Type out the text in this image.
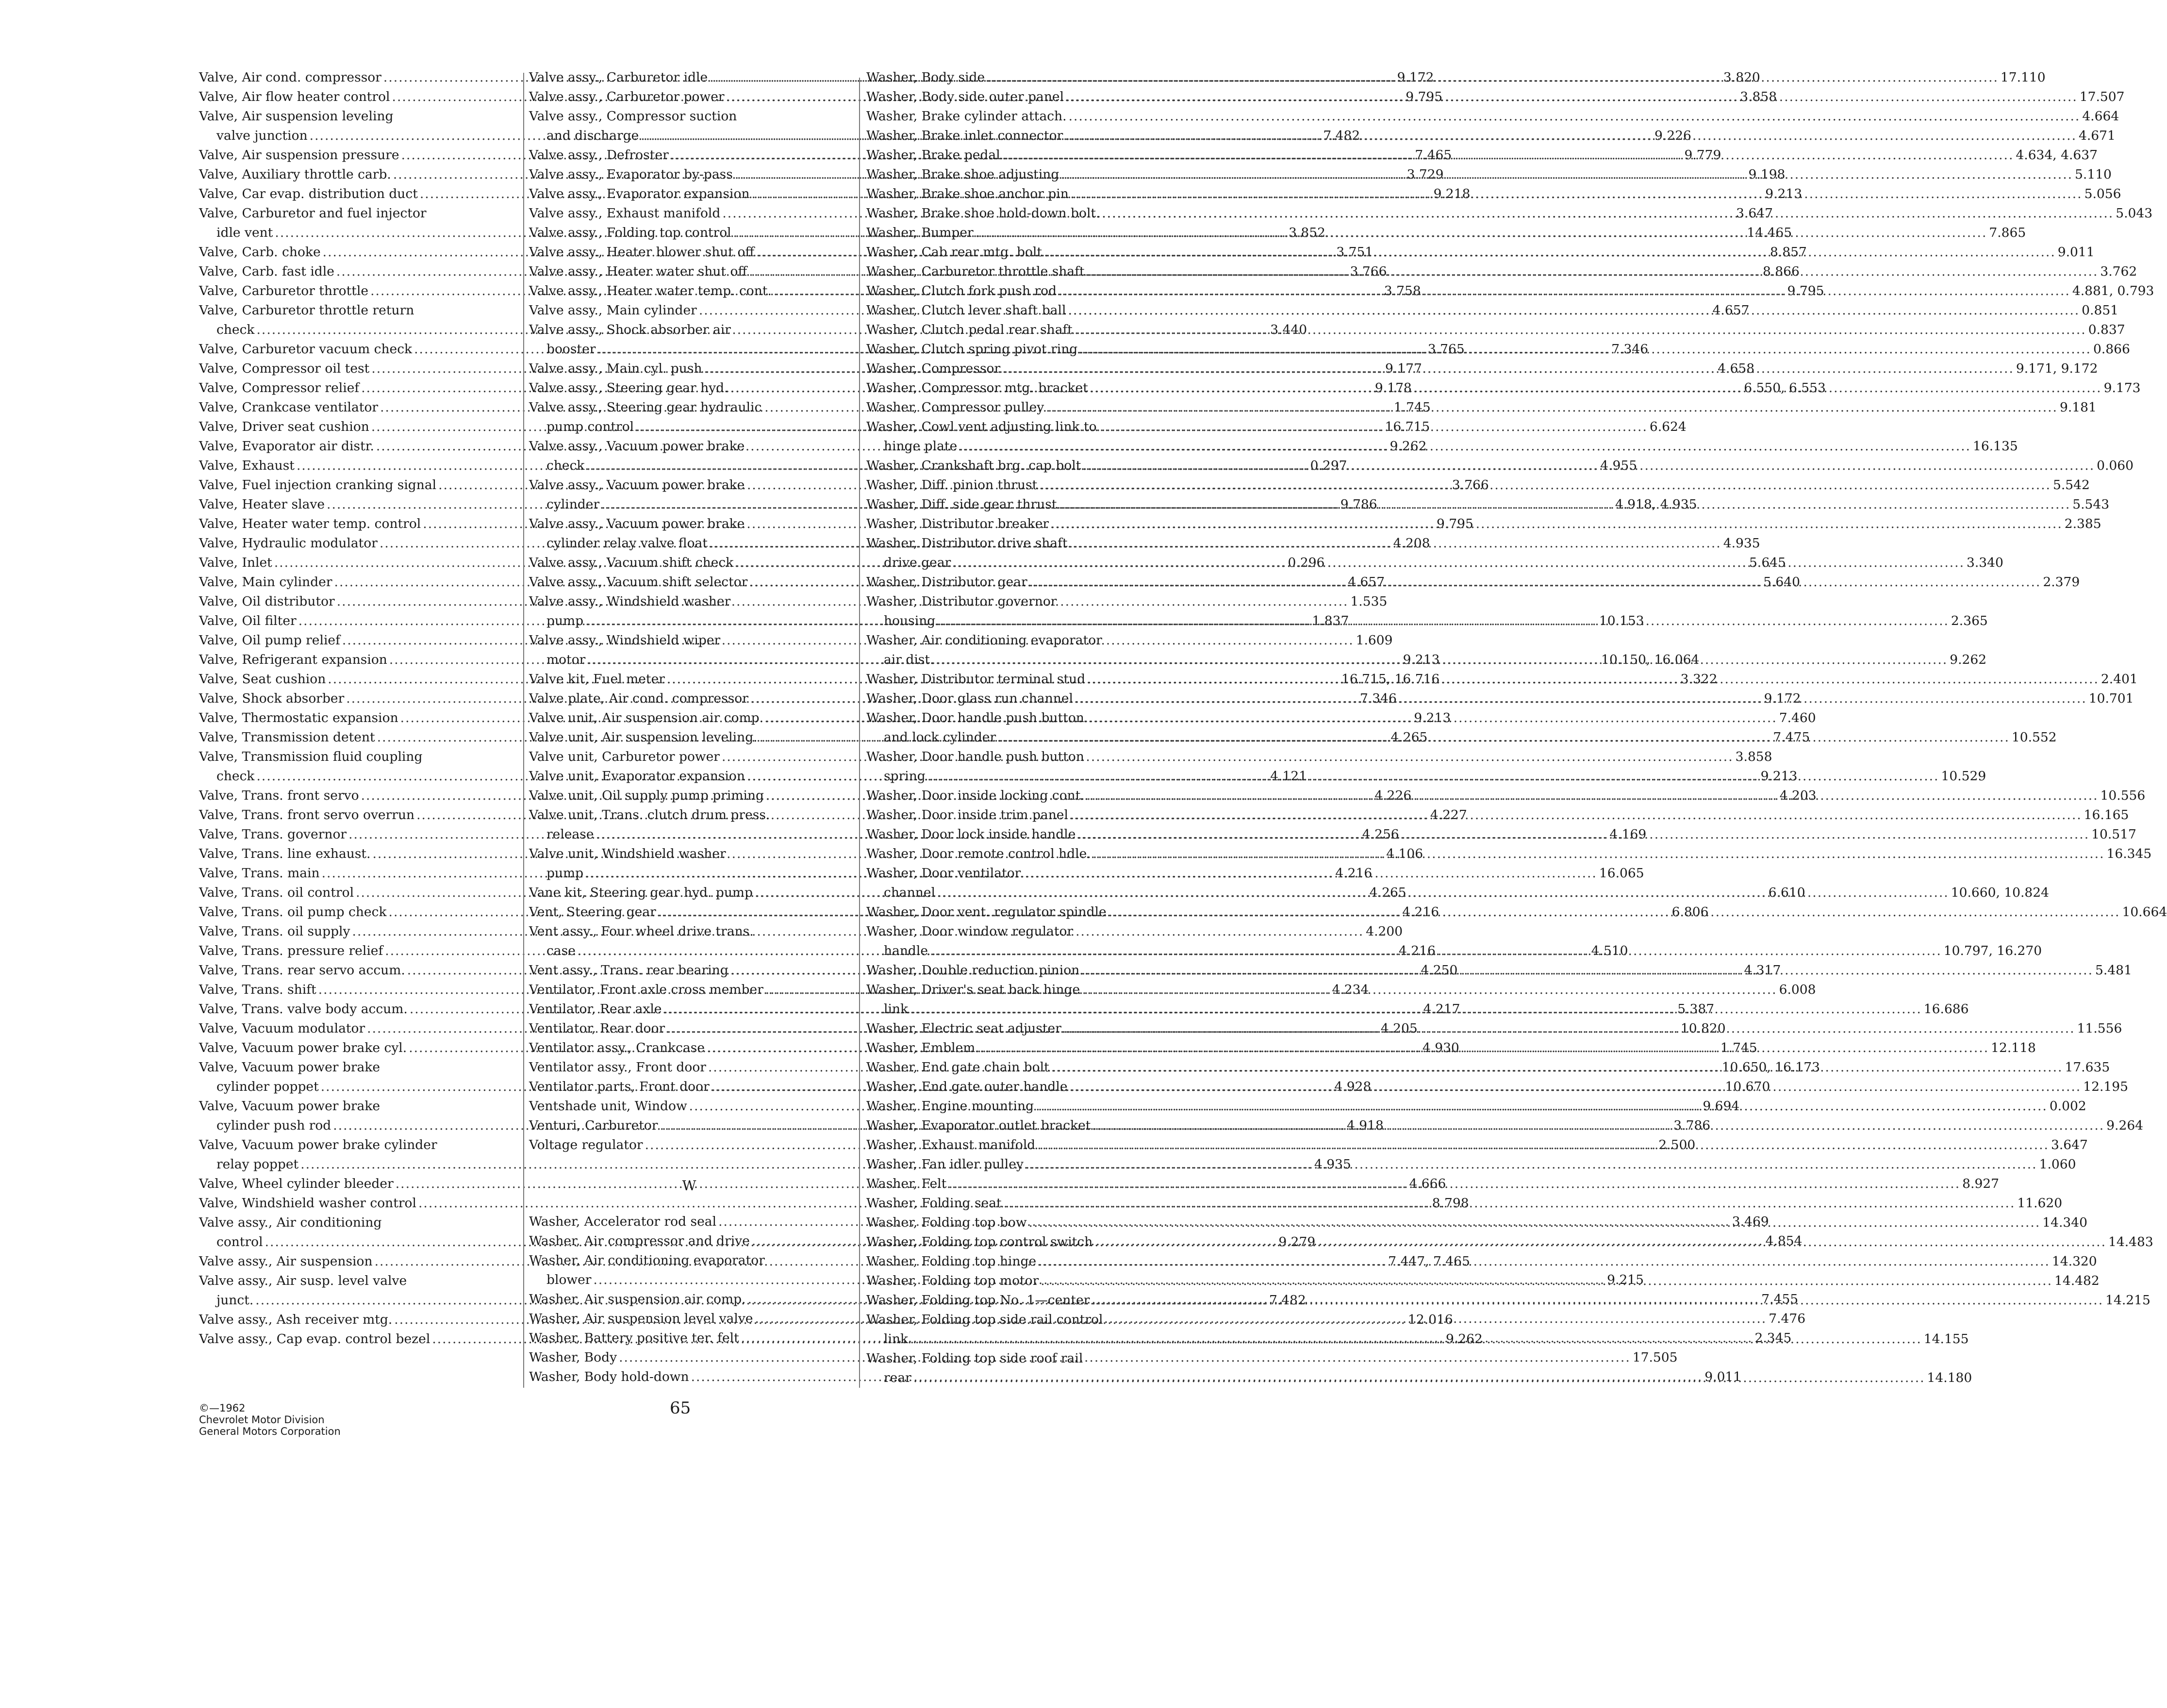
Valve, Air cond. compressor .....	9.172
Valve, Air flow heater control .....	9.795
Valve, Air suspension leveling
valve junction .....	7.482
Valve, Air suspension pressure .....	7.465
Valve, Auxiliary throttle carb. .....	3.729
Valve, Car evap. distribution duct .....	9.218
Valve, Carburetor and fuel injector
idle vent .....	3.852
Valve, Carb. choke .....	3.751
Valve, Carb. fast idle .....	3.766
Valve, Carburetor throttle .....	3.758
Valve, Carburetor throttle return
check .....	3.440
Valve, Carburetor vacuum check .....	3.765
Valve, Compressor oil test .....	9.177
Valve, Compressor relief .....	9.178
Valve, Crankcase ventilator .....	1.745
Valve, Driver seat cushion .....	16.715
Valve, Evaporator air distr. .....	9.262
Valve, Exhaust .....	0.297
Valve, Fuel injection cranking signal .....	3.766
Valve, Heater slave .....	9.786
Valve, Heater water temp. control .....	9.795
Valve, Hydraulic modulator .....	4.208
Valve, Inlet .....	0.296
Valve, Main cylinder .....	4.657
Valve, Oil distributor .....	1.535
Valve, Oil filter .....	1.837
Valve, Oil pump relief .....	1.609
Valve, Refrigerant expansion .....	9.213
Valve, Seat cushion .....	16.715, 16.716
Valve, Shock absorber .....	7.346
Valve, Thermostatic expansion .....	9.213
Valve, Transmission detent .....	4.265
Valve, Transmission fluid coupling
check .....	4.121
Valve, Trans. front servo .....	4.226
Valve, Trans. front servo overrun .....	4.227
Valve, Trans. governor .....	4.256
Valve, Trans. line exhaust. .....	4.106
Valve, Trans. main .....	4.216
Valve, Trans. oil control .....	4.265
Valve, Trans. oil pump check .....	4.216
Valve, Trans. oil supply .....	4.200
Valve, Trans. pressure relief .....	4.216
Valve, Trans. rear servo accum. .....	4.250
Valve, Trans. shift .....	4.234
Valve, Trans. valve body accum. .....	4.217
Valve, Vacuum modulator .....	4.205
Valve, Vacuum power brake cyl. .....	4.930
Valve, Vacuum power brake
cylinder poppet .....	4.928
Valve, Vacuum power brake
cylinder push rod .....	4.918
Valve, Vacuum power brake cylinder
relay poppet .....	4.935
Valve, Wheel cylinder bleeder .....	4.666
Valve, Windshield washer control .....	8.798
Valve assy., Air conditioning
control .....	9.279
Valve assy., Air suspension .....	7.447, 7.465
Valve assy., Air susp. level valve
junct. .....	7.482
Valve assy., Ash receiver mtg. .....	12.016
Valve assy., Cap evap. control bezel .....	9.262
Valve assy., Carburetor idle .....	3.820
Valve assy., Carburetor power .....	3.858
Valve assy., Compressor suction
and discharge .....	9.226
Valve assy., Defroster .....	9.779
Valve assy., Evaporator by-pass .....	9.198
Valve assy., Evaporator expansion .....	9.213
Valve assy., Exhaust manifold .....	3.647
Valve assy., Folding top control .....	14.465
Valve assy., Heater blower shut off .....	8.857
Valve assy., Heater water shut off .....	8.866
Valve assy., Heater water temp. cont. .....	9.795
Valve assy., Main cylinder .....	4.657
Valve assy., Shock absorber air
booster .....	7.346
Valve assy., Main cyl. push .....	4.658
Valve assy., Steering gear hyd. .....	6.550, 6.553
Valve assy., Steering gear hydraulic
pump control .....	6.624
Valve assy., Vacuum power brake
check .....	4.955
Valve assy., Vacuum power brake
cylinder .....	4.918, 4.935
Valve assy., Vacuum power brake
cylinder relay valve float .....	4.935
Valve assy., Vacuum shift check .....	5.645
Valve assy., Vacuum shift selector .....	5.640
Valve assy., Windshield washer
pump .....	10.153
Valve assy., Windshield wiper
motor .....	10.150, 16.064
Valve kit, Fuel meter .....	3.322
Valve plate, Air cond. compressor .....	9.172
Valve unit, Air suspension air comp. .....	7.460
Valve unit, Air suspension leveling. .....	7.475
Valve unit, Carburetor power .....	3.858
Valve unit, Evaporator expansion .....	9.213
Valve unit, Oil supply pump priming .....	4.203
Valve unit, Trans. clutch drum press.
release .....	4.169
Valve unit, Windshield washer
pump .....	16.065
Vane kit, Steering gear hyd. pump .....	6.610
Vent, Steering gear .....	6.806
Vent assy., Four wheel drive trans.
case .....	4.510
Vent assy., Trans. rear bearing .....	4.317
Ventilator, Front axle cross member .....	6.008
Ventilator, Rear axle .....	5.387
Ventilator, Rear door .....	10.820
Ventilator assy., Crankcase .....	1.745
Ventilator assy., Front door .....	10.650, 16.173
Ventilator parts, Front door .....	10.670
Ventshade unit, Window .....	9.694
Venturi, Carburetor .....	3.786
Voltage regulator .....	2.500
W
Washer, Accelerator rod seal .....	3.469
Washer, Air compressor and drive .....	4.854
Washer, Air conditioning evaporator
blower .....	9.215
Washer, Air suspension air comp. .....	7.455
Washer, Air suspension level valve .....	7.476
Washer, Battery positive ter. felt .....	2.345
Washer, Body .....	17.505
Washer, Body hold-down .....	9.011
Washer, Body side .....	17.110
Washer, Body side outer panel .....	17.507
Washer, Brake cylinder attach. .....	4.664
Washer, Brake inlet connector .....	4.671
Washer, Brake pedal .....	4.634, 4.637
Washer, Brake shoe adjusting .....	5.110
Washer, Brake shoe anchor pin .....	5.056
Washer, Brake shoe hold-down bolt. .....	5.043
Washer, Bumper .....	7.865
Washer, Cab rear mtg. bolt .....	9.011
Washer, Carburetor throttle shaft .....	3.762
Washer, Clutch fork push rod .....	4.881, 0.793
Washer, Clutch lever shaft ball .....	0.851
Washer, Clutch pedal rear shaft .....	0.837
Washer, Clutch spring pivot ring .....	0.866
Washer, Compressor .....	9.171, 9.172
Washer, Compressor mtg. bracket .....	9.173
Washer, Compressor pulley .....	9.181
Washer, Cowl vent adjusting link to
hinge plate .....	16.135
Washer, Crankshaft brg. cap bolt .....	0.060
Washer, Diff. pinion thrust .....	5.542
Washer, Diff. side gear thrust .....	5.543
Washer, Distributor breaker .....	2.385
Washer, Distributor drive shaft
drive gear .....	3.340
Washer, Distributor gear .....	2.379
Washer, Distributor governor
housing .....	2.365
Washer, Air conditioning evaporator
air dist. .....	9.262
Washer, Distributor terminal stud .....	2.401
Washer, Door glass run channel .....	10.701
Washer, Door handle push button
and lock cylinder .....	10.552
Washer, Door handle push button
spring .....	10.529
Washer, Door inside locking cont. .....	10.556
Washer, Door inside trim panel .....	16.165
Washer, Door lock inside handle .....	10.517
Washer, Door remote control hdle. .....	16.345
Washer, Door ventilator
channel .....	10.660, 10.824
Washer, Door vent. regulator spindle .....	10.664
Washer, Door window regulator
handle .....	10.797, 16.270
Washer, Double reduction pinion .....	5.481
Washer, Driver's seat back hinge
link .....	16.686
Washer, Electric seat adjuster .....	11.556
Washer, Emblem .....	12.118
Washer, End gate chain bolt .....	17.635
Washer, End gate outer handle .....	12.195
Washer, Engine mounting .....	0.002
Washer, Evaporator outlet bracket .....	9.264
Washer, Exhaust manifold .....	3.647
Washer, Fan idler pulley .....	1.060
Washer, Felt .....	8.927
Washer, Folding seat .....	11.620
Washer, Folding top bow .....	14.340
Washer, Folding top control switch .....	14.483
Washer, Folding top hinge .....	14.320
Washer, Folding top motor .....	14.482
Washer, Folding top No. 1—center .....	14.215
Washer, Folding top side rail control
link .....	14.155
Washer, Folding top side roof rail
rear .....	14.180
©—1962
Chevrolet Motor Division
General Motors Corporation
65
